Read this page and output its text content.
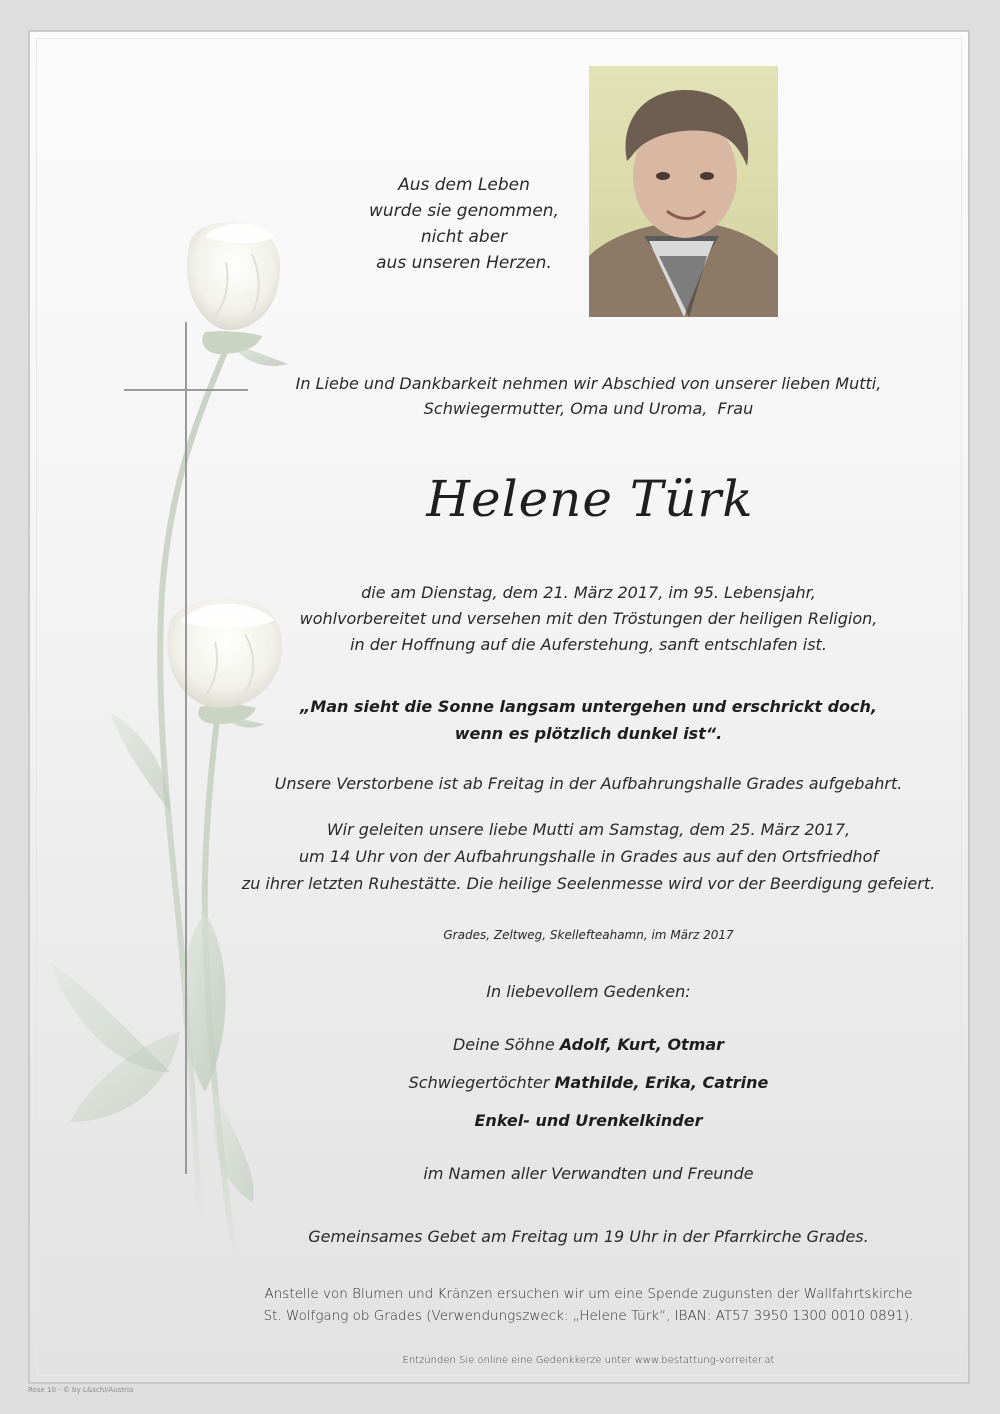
Aus dem Leben
wurde sie genommen,
nicht aber
aus unseren Herzen.
In Liebe und Dankbarkeit nehmen wir Abschied von unserer lieben Mutti,
Schwiegermutter, Oma und Uroma,  Frau
Helene Türk
die am Dienstag, dem 21. März 2017, im 95. Lebensjahr,
wohlvorbereitet und versehen mit den Tröstungen der heiligen Religion,
in der Hoffnung auf die Auferstehung, sanft entschlafen ist.
„Man sieht die Sonne langsam untergehen und erschrickt doch,
wenn es plötzlich dunkel ist“.
Unsere Verstorbene ist ab Freitag in der Aufbahrungshalle Grades aufgebahrt.
Wir geleiten unsere liebe Mutti am Samstag, dem 25. März 2017,
um 14 Uhr von der Aufbahrungshalle in Grades aus auf den Ortsfriedhof
zu ihrer letzten Ruhestätte. Die heilige Seelenmesse wird vor der Beerdigung gefeiert.
Grades, Zeltweg, Skellefteahamn, im März 2017
In liebevollem Gedenken:
Deine Söhne Adolf, Kurt, Otmar
Schwiegertöchter Mathilde, Erika, Catrine
Enkel- und Urenkelkinder
im Namen aller Verwandten und Freunde
Gemeinsames Gebet am Freitag um 19 Uhr in der Pfarrkirche Grades.
Anstelle von Blumen und Kränzen ersuchen wir um eine Spende zugunsten der Wallfahrtskirche
St. Wolfgang ob Grades (Verwendungszweck: „Helene Türk“, IBAN: AT57 3950 1300 0010 0891).
Entzünden Sie online eine Gedenkkerze unter www.bestattung-vorreiter.at
Rose 10 - © by L&schl/Austria
